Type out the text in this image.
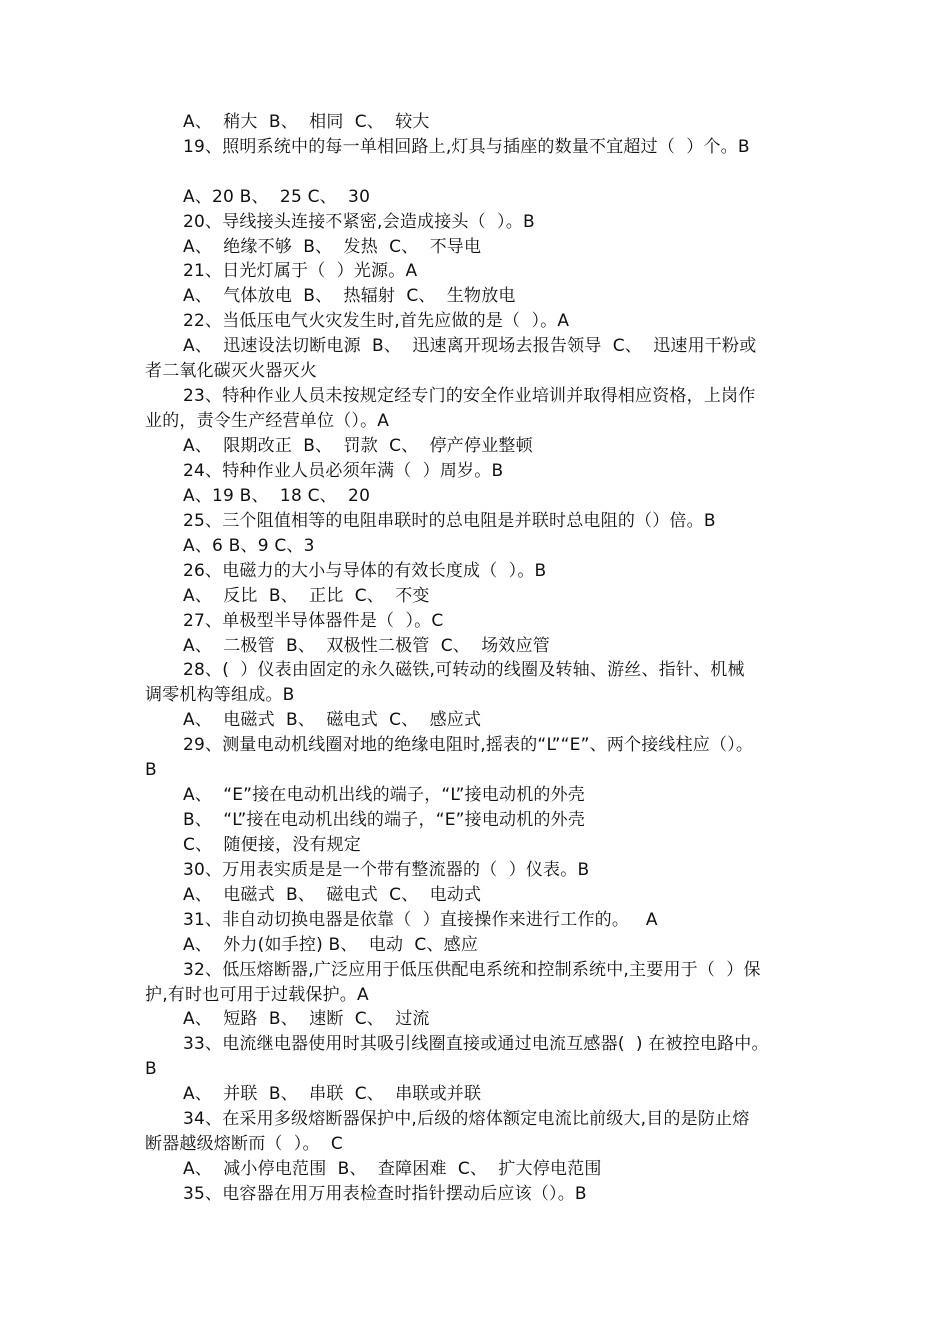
A、  稍大  B、  相同  C、  较大
19、照明系统中的每一单相回路上,灯具与插座的数量不宜超过（  ）个。B
A、20 B、  25 C、  30
20、导线接头连接不紧密,会造成接头（  ）。B
A、  绝缘不够  B、  发热  C、  不导电
21、日光灯属于（  ）光源。A
A、  气体放电  B、  热辐射  C、  生物放电
22、当低压电气火灾发生时,首先应做的是（  ）。A
A、  迅速设法切断电源  B、  迅速离开现场去报告领导  C、  迅速用干粉或
者二氧化碳灭火器灭火
23、特种作业人员未按规定经专门的安全作业培训并取得相应资格，上岗作
业的，责令生产经营单位（）。A
A、  限期改正  B、  罚款  C、  停产停业整顿
24、特种作业人员必须年满（  ）周岁。B
A、19 B、  18 C、  20
25、三个阻值相等的电阻串联时的总电阻是并联时总电阻的（）倍。B
A、6 B、9 C、3
26、电磁力的大小与导体的有效长度成（  ）。B
A、  反比  B、  正比  C、  不变
27、单极型半导体器件是（  ）。C
A、  二极管  B、  双极性二极管  C、  场效应管
28、(  ）仪表由固定的永久磁铁,可转动的线圈及转轴、游丝、指针、机械
调零机构等组成。B
A、  电磁式  B、  磁电式  C、  感应式
29、测量电动机线圈对地的绝缘电阻时,摇表的“L”“E”、两个接线柱应（）。
B
A、  “E”接在电动机出线的端子，“L”接电动机的外壳
B、  “L”接在电动机出线的端子，“E”接电动机的外壳
C、  随便接，没有规定
30、万用表实质是是一个带有整流器的（  ）仪表。B
A、  电磁式  B、  磁电式  C、  电动式
31、非自动切换电器是依靠（  ）直接操作来进行工作的。   A
A、  外力(如手控) B、  电动  C、感应
32、低压熔断器,广泛应用于低压供配电系统和控制系统中,主要用于（  ）保
护,有时也可用于过载保护。A
A、  短路  B、  速断  C、  过流
33、电流继电器使用时其吸引线圈直接或通过电流互感器(  ) 在被控电路中。
B
A、  并联  B、  串联  C、  串联或并联
34、在采用多级熔断器保护中,后级的熔体额定电流比前级大,目的是防止熔
断器越级熔断而（  ）。  C
A、  减小停电范围  B、  查障困难  C、  扩大停电范围
35、电容器在用万用表检查时指针摆动后应该（）。B
